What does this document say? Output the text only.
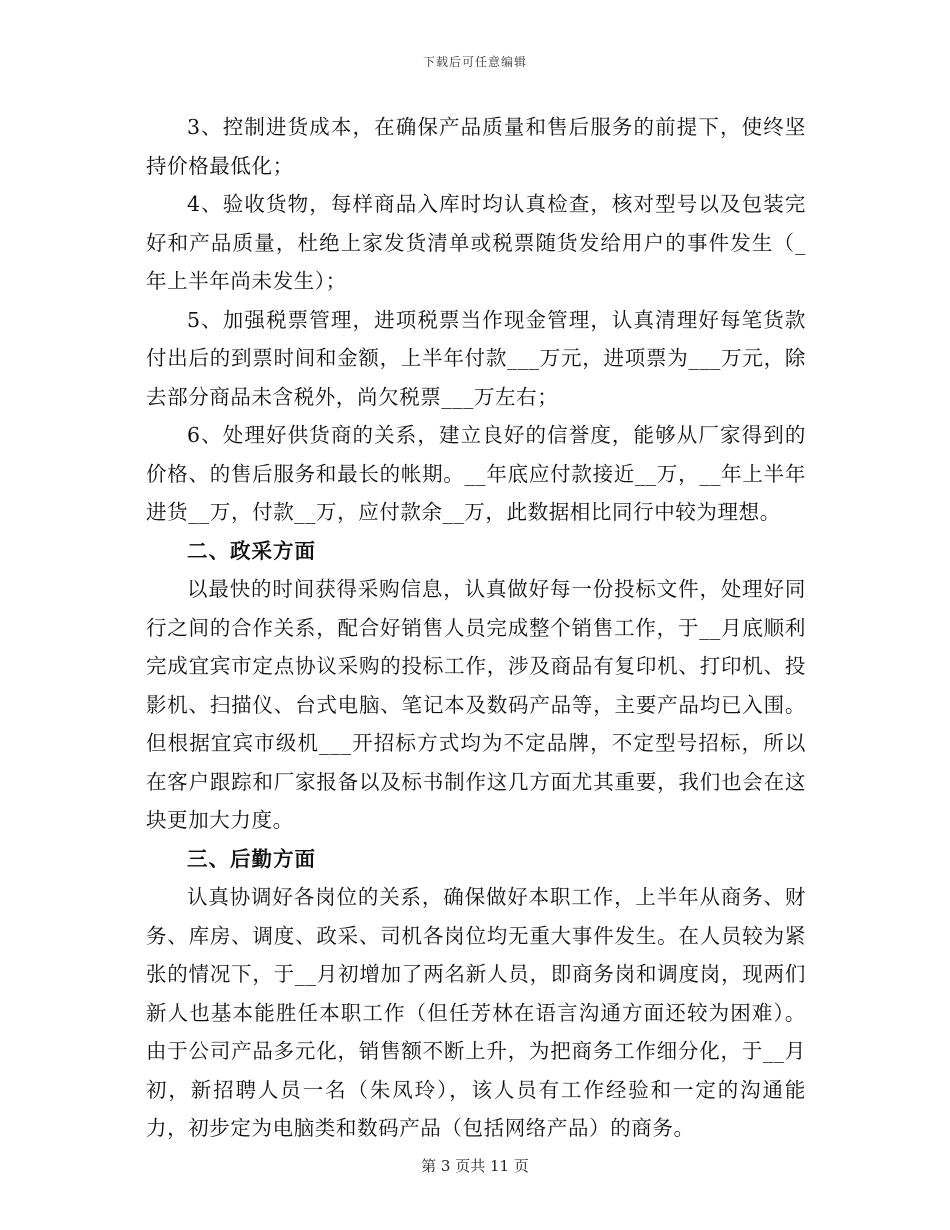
下载后可任意编辑

3、控制进货成本，在确保产品质量和售后服务的前提下，使终坚持价格最低化；

4、验收货物，每样商品入库时均认真检查，核对型号以及包装完好和产品质量，杜绝上家发货清单或税票随货发给用户的事件发生（_年上半年尚未发生）；

5、加强税票管理，进项税票当作现金管理，认真清理好每笔货款付出后的到票时间和金额，上半年付款___万元，进项票为___万元，除去部分商品未含税外，尚欠税票___万左右；

6、处理好供货商的关系，建立良好的信誉度，能够从厂家得到的价格、的售后服务和最长的帐期。__年底应付款接近__万，__年上半年进货__万，付款__万，应付款余__万，此数据相比同行中较为理想。

二、政采方面

以最快的时间获得采购信息，认真做好每一份投标文件，处理好同行之间的合作关系，配合好销售人员完成整个销售工作，于__月底顺利完成宜宾市定点协议采购的投标工作，涉及商品有复印机、打印机、投影机、扫描仪、台式电脑、笔记本及数码产品等，主要产品均已入围。但根据宜宾市级机___开招标方式均为不定品牌，不定型号招标，所以在客户跟踪和厂家报备以及标书制作这几方面尤其重要，我们也会在这块更加大力度。

三、后勤方面

认真协调好各岗位的关系，确保做好本职工作，上半年从商务、财务、库房、调度、政采、司机各岗位均无重大事件发生。在人员较为紧张的情况下，于__月初增加了两名新人员，即商务岗和调度岗，现两们新人也基本能胜任本职工作（但任芳林在语言沟通方面还较为困难）。由于公司产品多元化，销售额不断上升，为把商务工作细分化，于__月初，新招聘人员一名（朱凤玲），该人员有工作经验和一定的沟通能力，初步定为电脑类和数码产品（包括网络产品）的商务。

第 3 页共 11 页
